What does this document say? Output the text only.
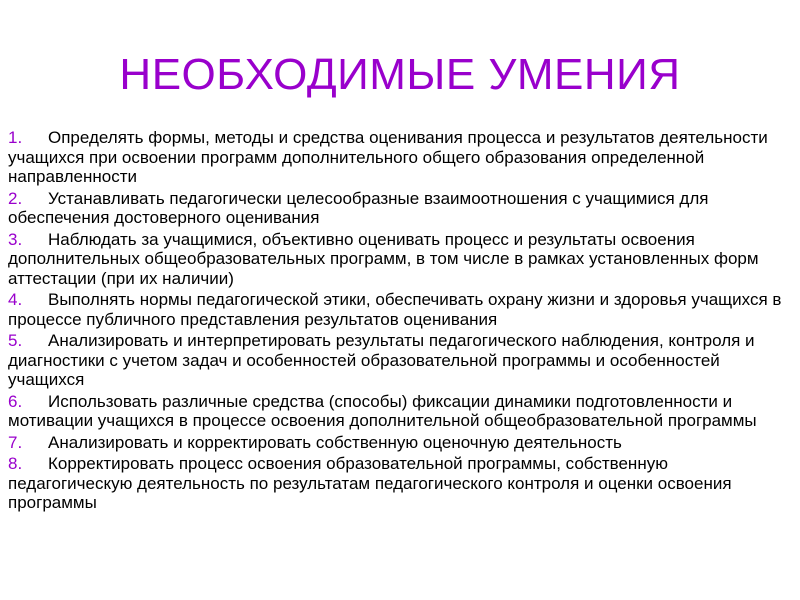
НЕОБХОДИМЫЕ УМЕНИЯ
1. Определять формы, методы и средства оценивания процесса и результатов деятельности учащихся при освоении программ дополнительного общего образования определенной направленности
2. Устанавливать педагогически целесообразные взаимоотношения с учащимися для обеспечения достоверного оценивания
3. Наблюдать за учащимися, объективно оценивать процесс и результаты освоения дополнительных общеобразовательных программ, в том числе в рамках установленных форм аттестации (при их наличии)
4. Выполнять нормы педагогической этики, обеспечивать охрану жизни и здоровья учащихся в процессе публичного представления результатов оценивания
5. Анализировать и интерпретировать результаты педагогического наблюдения, контроля и диагностики с учетом задач и особенностей образовательной программы и особенностей учащихся
6. Использовать различные средства (способы) фиксации динамики подготовленности и мотивации учащихся в процессе освоения дополнительной общеобразовательной программы
7. Анализировать и корректировать собственную оценочную деятельность
8. Корректировать процесс освоения образовательной программы, собственную педагогическую деятельность по результатам педагогического контроля и оценки освоения программы
